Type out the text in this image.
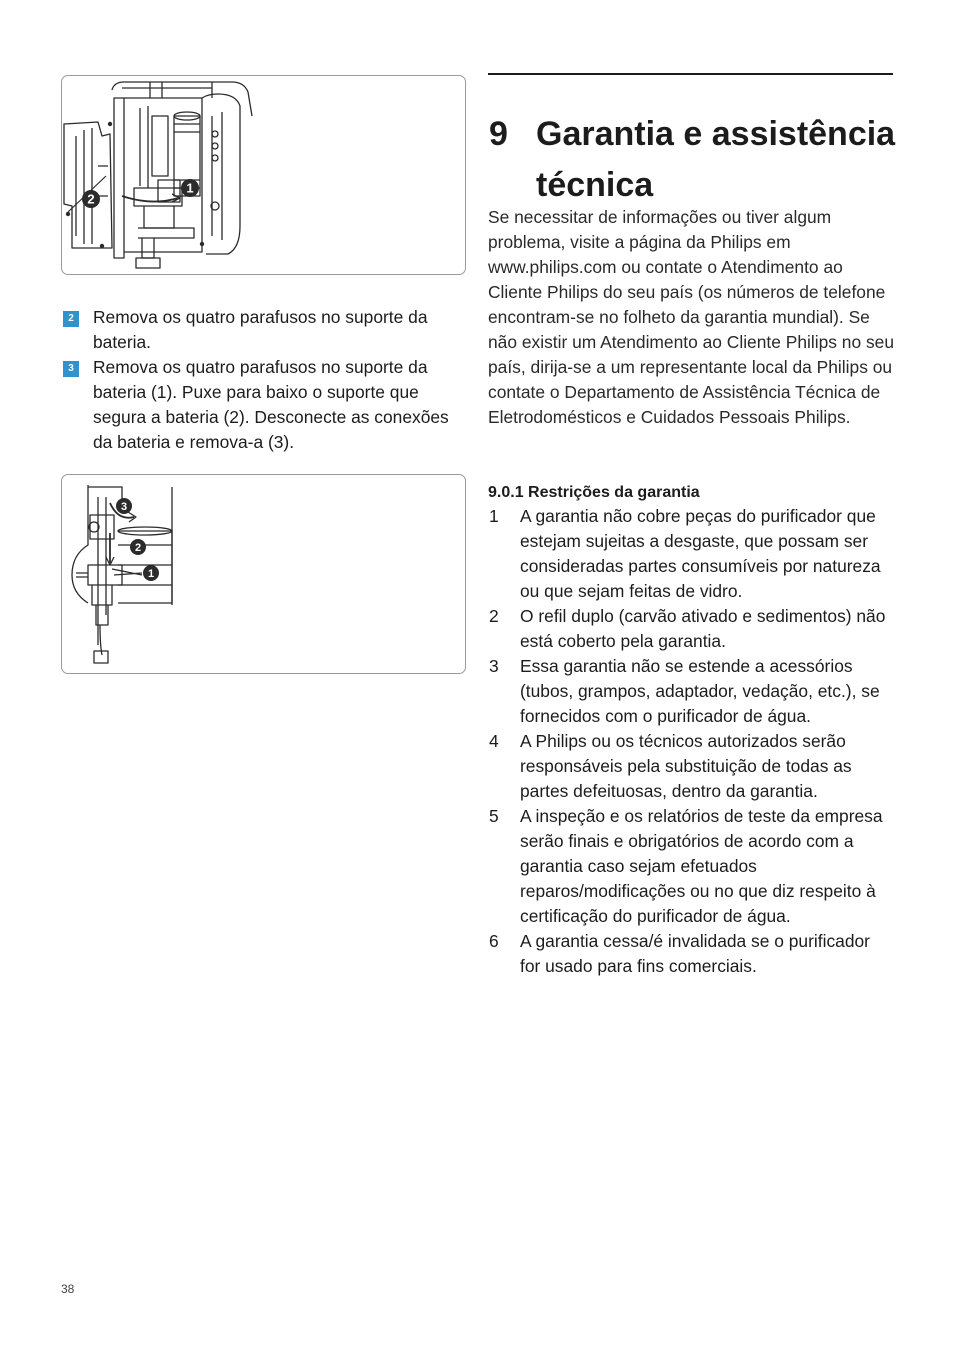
2
1
2 Remova os quatro parafusos no suporte da bateria.
3 Remova os quatro parafusos no suporte da bateria (1). Puxe para baixo o suporte que segura a bateria (2). Desconecte as conexões da bateria e remova-a (3).
3
2
1
9 Garantia e assistência técnica

Se necessitar de informações ou tiver algum problema, visite a página da Philips em www.philips.com ou contate o Atendimento ao Cliente Philips do seu país (os números de telefone encontram-se no folheto da garantia mundial). Se não existir um Atendimento ao Cliente Philips no seu país, dirija-se a um representante local da Philips ou contate o Departamento de Assistência Técnica de Eletrodomésticos e Cuidados Pessoais Philips.

9.0.1 Restrições da garantia
1 A garantia não cobre peças do purificador que estejam sujeitas a desgaste, que possam ser consideradas partes consumíveis por natureza ou que sejam feitas de vidro.
2 O refil duplo (carvão ativado e sedimentos) não está coberto pela garantia.
3 Essa garantia não se estende a acessórios (tubos, grampos, adaptador, vedação, etc.), se fornecidos com o purificador de água.
4 A Philips ou os técnicos autorizados serão responsáveis pela substituição de todas as partes defeituosas, dentro da garantia.
5 A inspeção e os relatórios de teste da empresa serão finais e obrigatórios de acordo com a garantia caso sejam efetuados reparos/modificações ou no que diz respeito à certificação do purificador de água.
6 A garantia cessa/é invalidada se o purificador for usado para fins comerciais.
38
